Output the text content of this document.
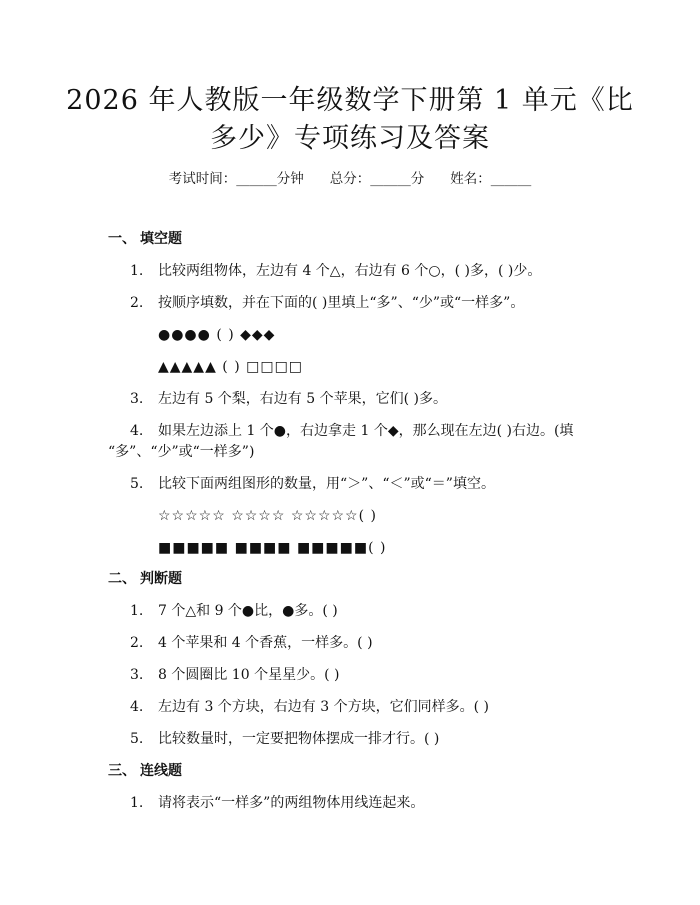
2026 年人教版一年级数学下册第 1 单元《比
多少》专项练习及答案
考试时间：______分钟 总分：______分 姓名：______
一、 填空题
1. 比较两组物体，左边有 4 个△，右边有 6 个○，( )多，( )少。
2. 按顺序填数，并在下面的( )里填上“多”、“少”或“一样多”。
●●●● ( ) ◆◆◆
▲▲▲▲▲ ( ) □□□□
3. 左边有 5 个梨，右边有 5 个苹果，它们( )多。
4. 如果左边添上 1 个●，右边拿走 1 个◆，那么现在左边( )右边。(填
“多”、“少”或“一样多”)
5. 比较下面两组图形的数量，用“＞”、“＜”或“＝”填空。
☆☆☆☆☆ ☆☆☆☆ ☆☆☆☆☆( )
■■■■■ ■■■■ ■■■■■( )
二、 判断题
1. 7 个△和 9 个●比，●多。( )
2. 4 个苹果和 4 个香蕉，一样多。( )
3. 8 个圆圈比 10 个星星少。( )
4. 左边有 3 个方块，右边有 3 个方块，它们同样多。( )
5. 比较数量时，一定要把物体摆成一排才行。( )
三、 连线题
1. 请将表示“一样多”的两组物体用线连起来。
